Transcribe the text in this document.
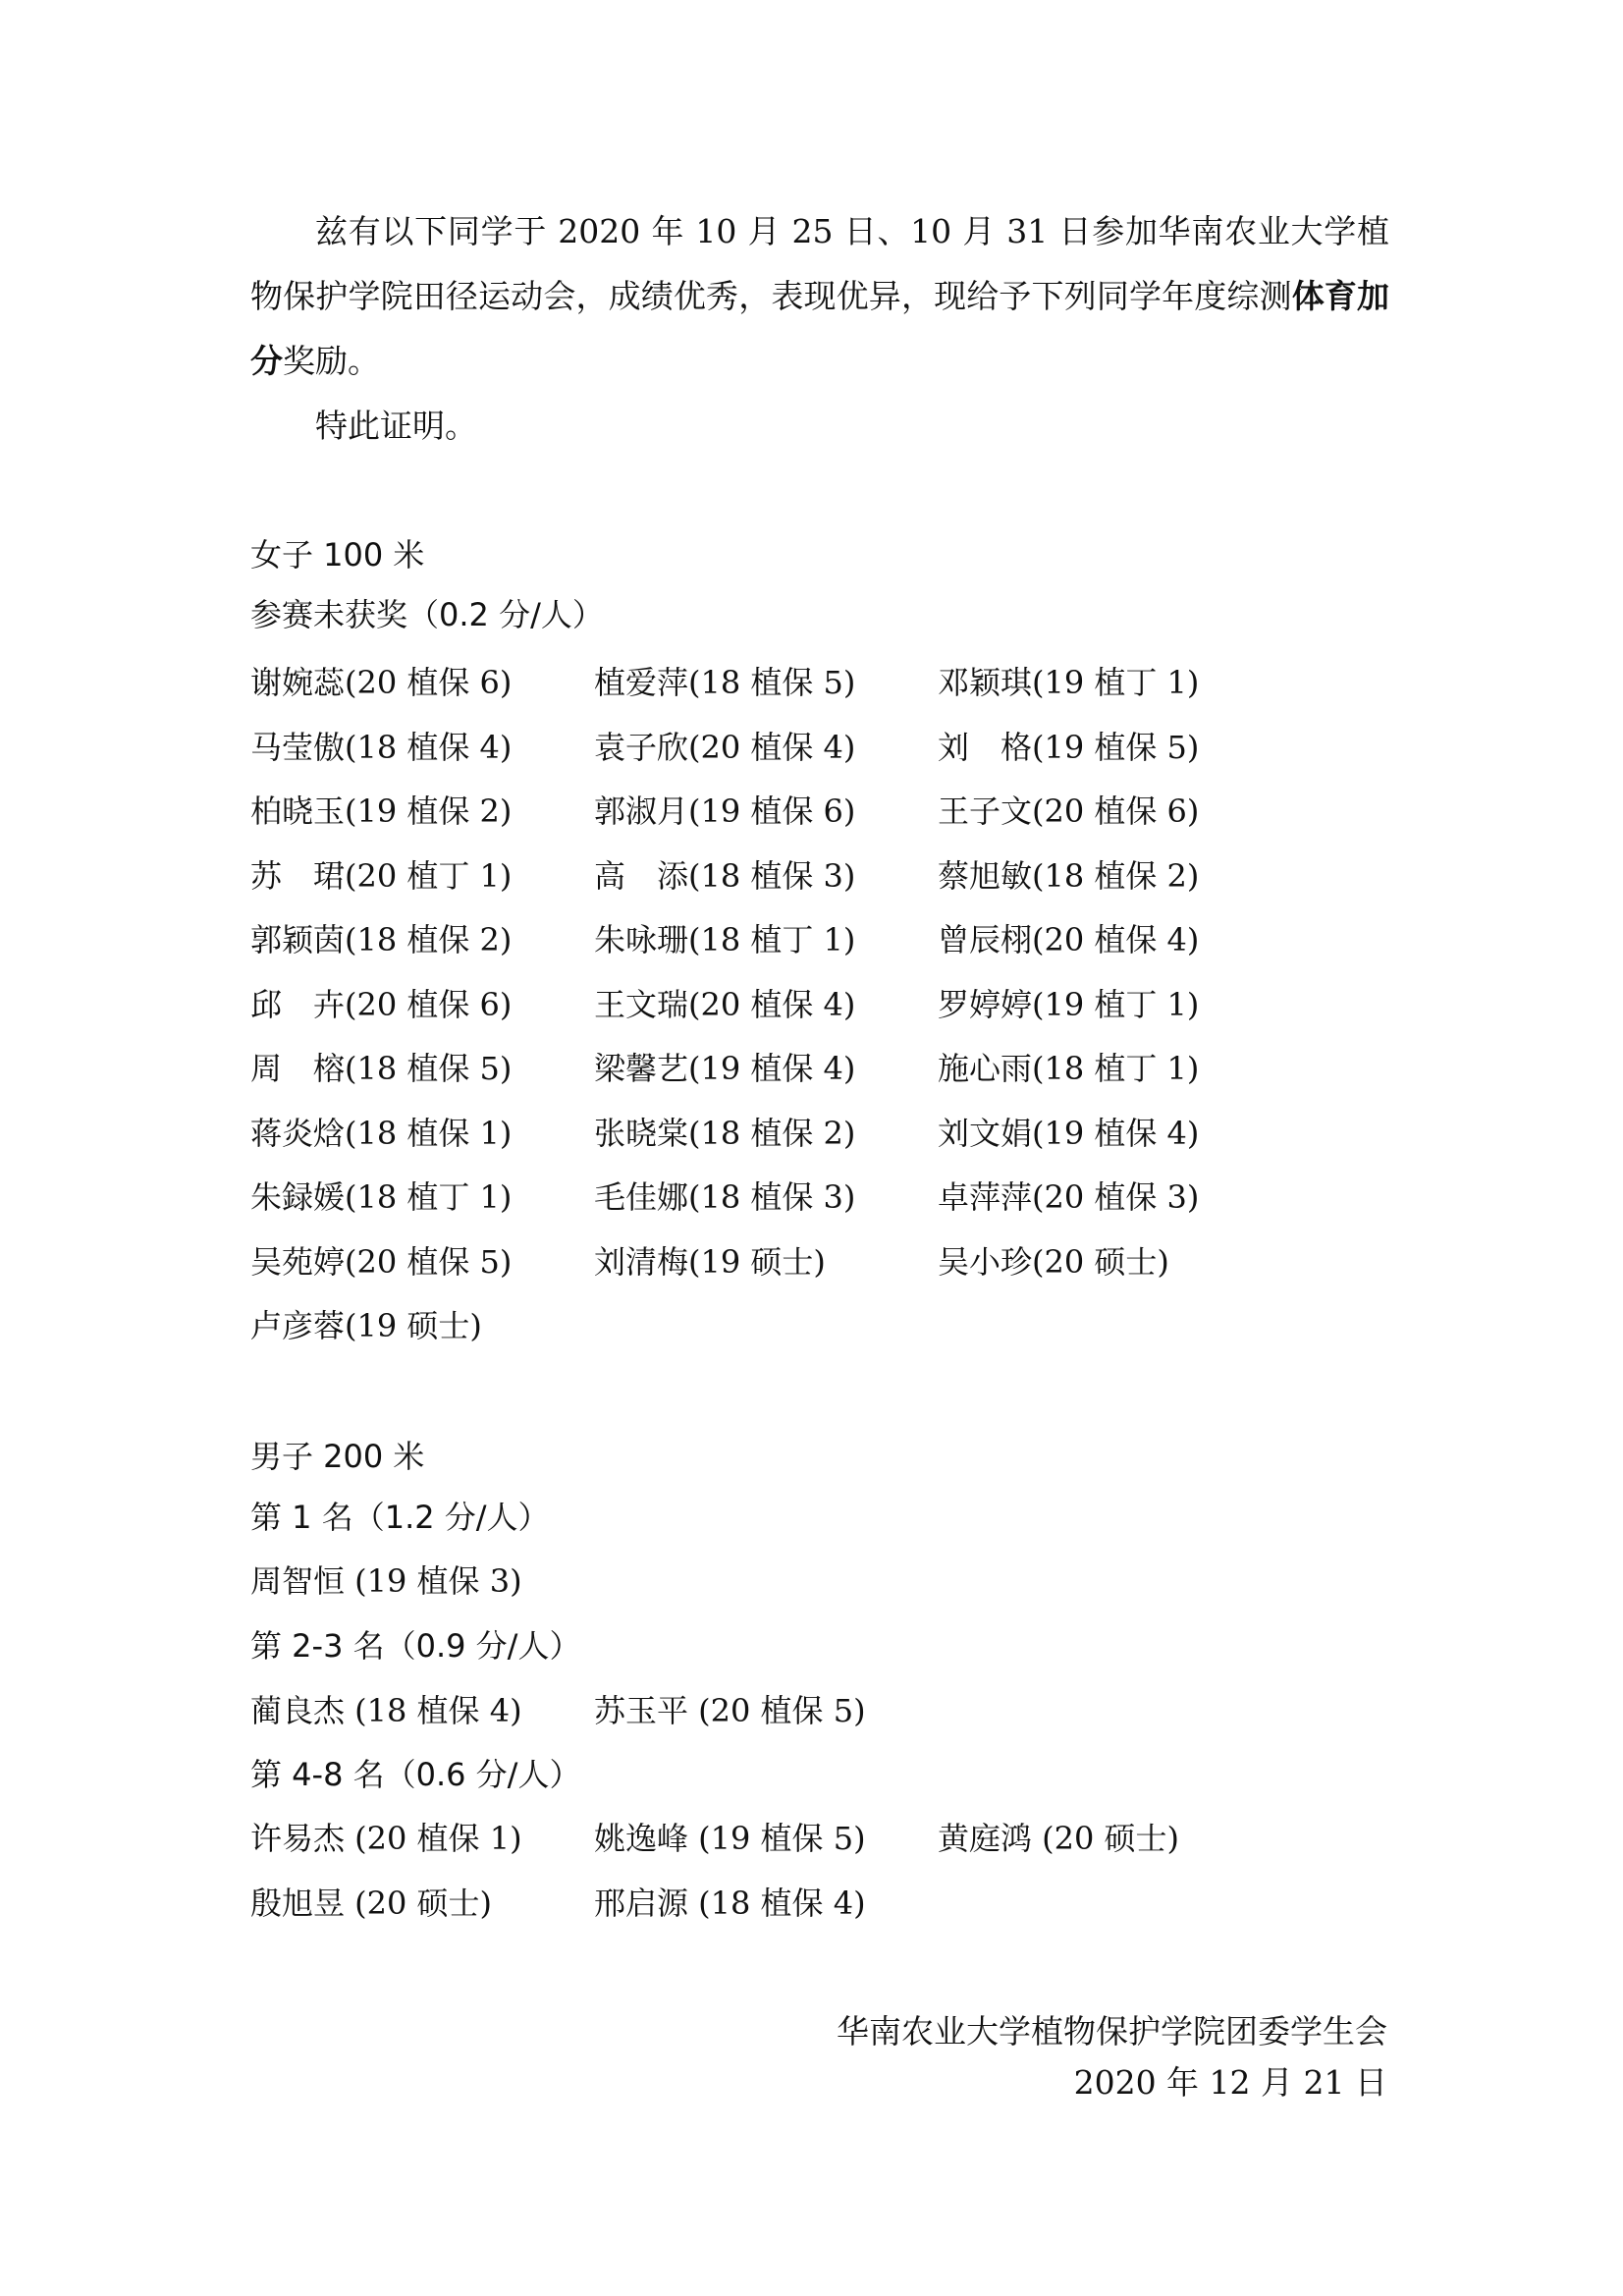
兹有以下同学于 2020 年 10 月 25 日、10 月 31 日参加华南农业大学植物保护学院田径运动会，成绩优秀，表现优异，现给予下列同学年度综测体育加分奖励。
特此证明。
女子 100 米
参赛未获奖（0.2 分/人）
谢婉蕊(20 植保 6)	植爱萍(18 植保 5)	邓颖琪(19 植丁 1)
马莹傲(18 植保 4)	袁子欣(20 植保 4)	刘　格(19 植保 5)
柏晓玉(19 植保 2)	郭淑月(19 植保 6)	王子文(20 植保 6)
苏　珺(20 植丁 1)	高　添(18 植保 3)	蔡旭敏(18 植保 2)
郭颖茵(18 植保 2)	朱咏珊(18 植丁 1)	曾辰栩(20 植保 4)
邱　卉(20 植保 6)	王文瑞(20 植保 4)	罗婷婷(19 植丁 1)
周　榕(18 植保 5)	梁馨艺(19 植保 4)	施心雨(18 植丁 1)
蒋炎焓(18 植保 1)	张晓棠(18 植保 2)	刘文娟(19 植保 4)
朱録媛(18 植丁 1)	毛佳娜(18 植保 3)	卓萍萍(20 植保 3)
吴苑婷(20 植保 5)	刘清梅(19 硕士)	吴小珍(20 硕士)
卢彦蓉(19 硕士)
男子 200 米
第 1 名（1.2 分/人）
周智恒 (19 植保 3)
第 2-3 名（0.9 分/人）
蔺良杰 (18 植保 4) 苏玉平 (20 植保 5)
第 4-8 名（0.6 分/人）
许易杰 (20 植保 1) 姚逸峰 (19 植保 5) 黄庭鸿 (20 硕士)
殷旭昱 (20 硕士)	邢启源 (18 植保 4)
华南农业大学植物保护学院团委学生会
2020 年 12 月 21 日
